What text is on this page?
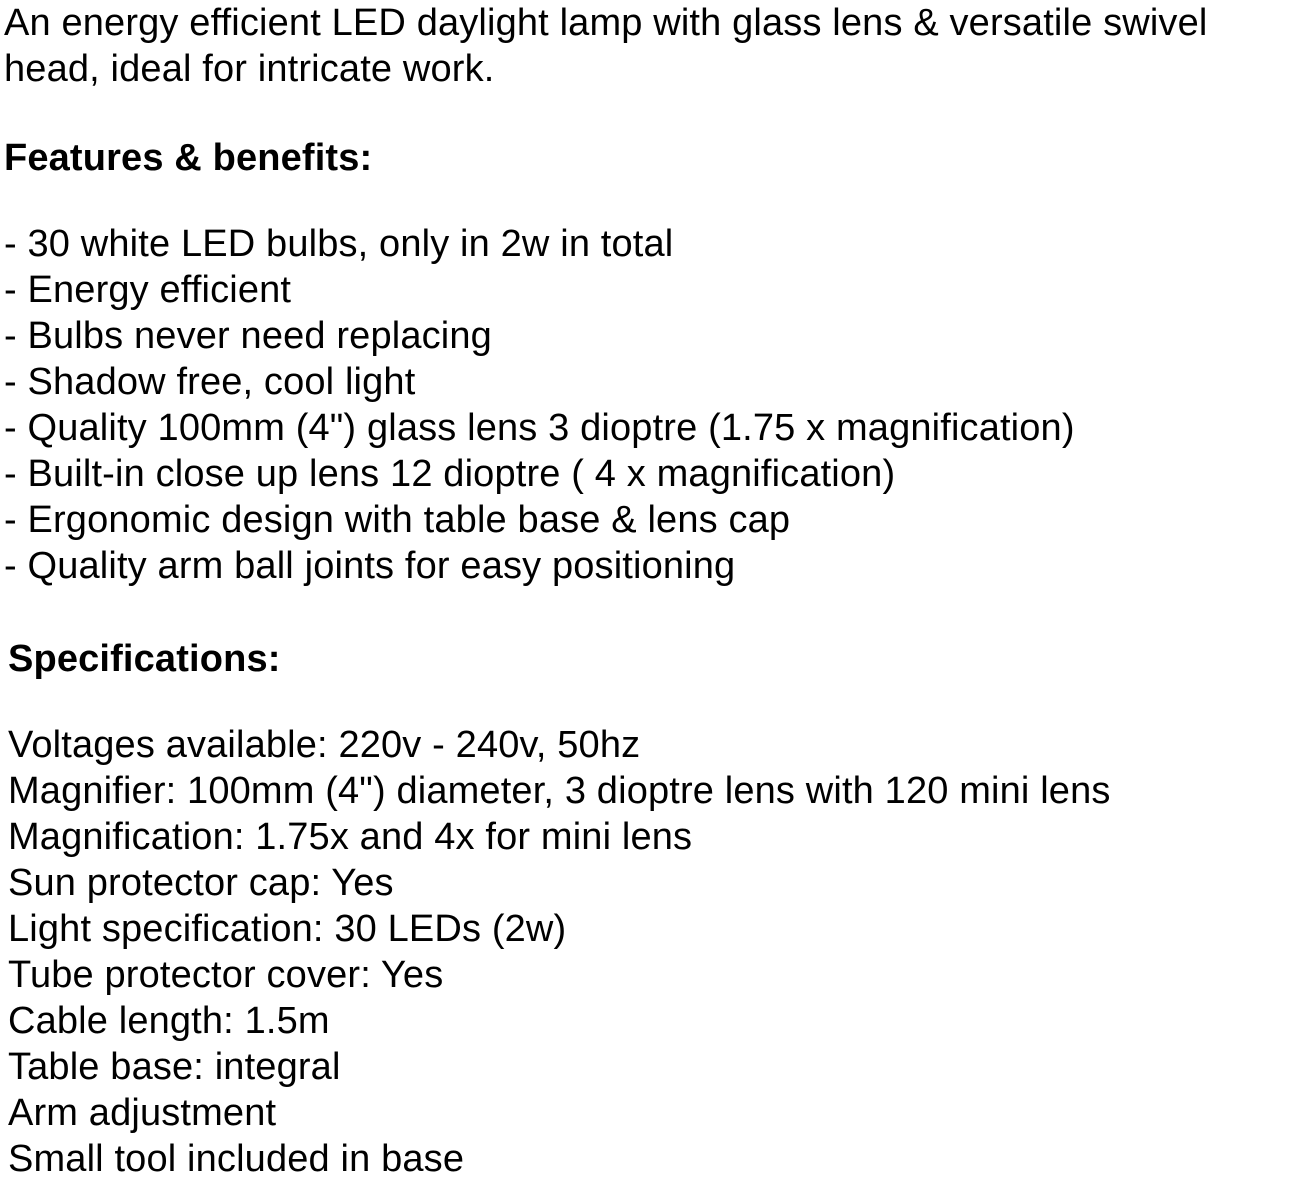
An energy efficient LED daylight lamp with glass lens & versatile swivel

head, ideal for intricate work.

Features & benefits:

- 30 white LED bulbs, only in 2w in total

- Energy efficient

- Bulbs never need replacing

- Shadow free, cool light

- Quality 100mm (4") glass lens 3 dioptre (1.75 x magnification)

- Built-in close up lens 12 dioptre ( 4 x magnification)

- Ergonomic design with table base & lens cap

- Quality arm ball joints for easy positioning

Specifications:

Voltages available: 220v - 240v, 50hz

Magnifier: 100mm (4") diameter, 3 dioptre lens with 120 mini lens

Magnification: 1.75x and 4x for mini lens

Sun protector cap: Yes

Light specification: 30 LEDs (2w)

Tube protector cover: Yes

Cable length: 1.5m

Table base: integral

Arm adjustment

Small tool included in base
